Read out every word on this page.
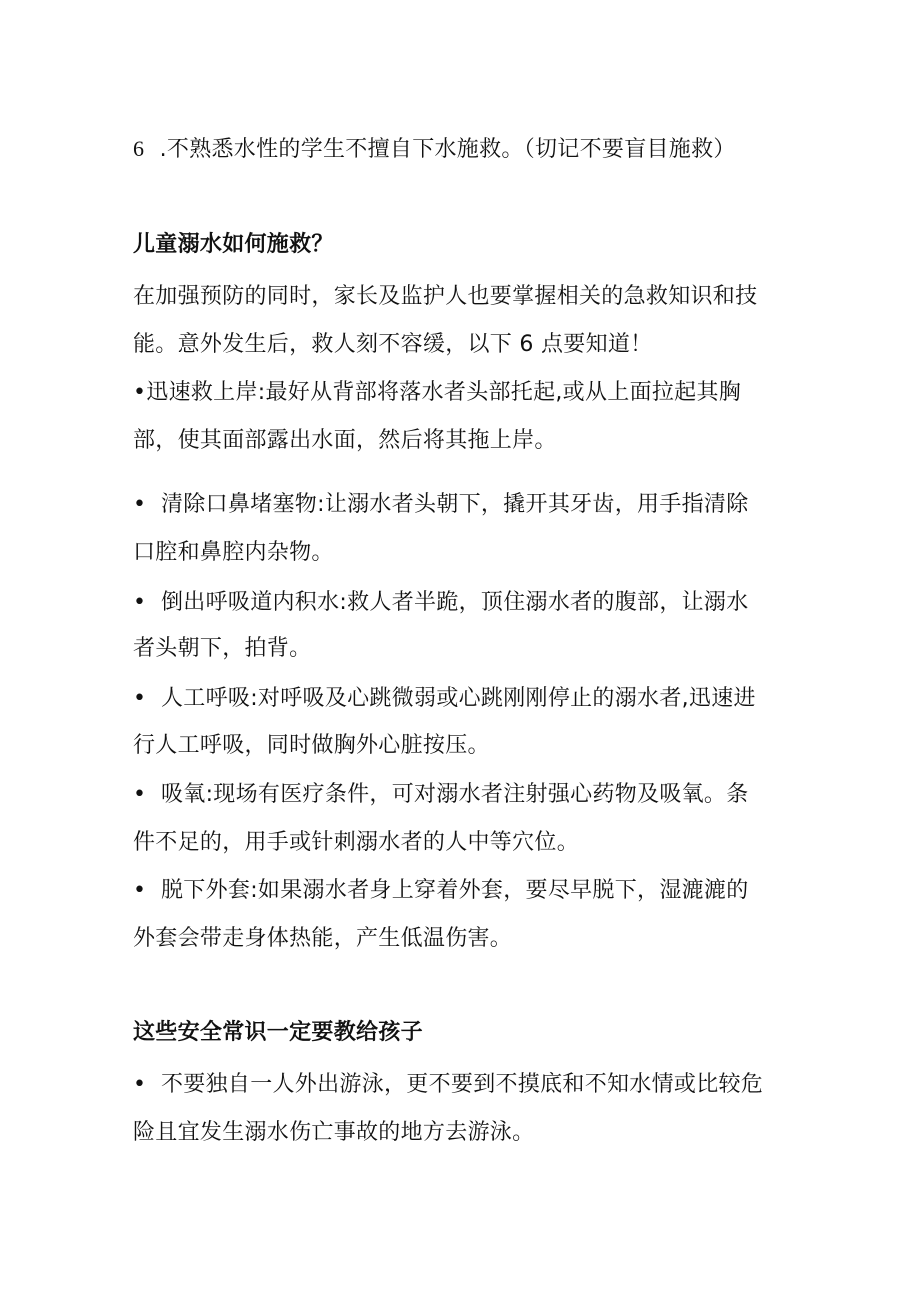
6 .不熟悉水性的学生不擅自下水施救。（切记不要盲目施救）
儿童溺水如何施救？
在加强预防的同时，家长及监护人也要掌握相关的急救知识和技
能。意外发生后，救人刻不容缓，以下 6 点要知道！
•迅速救上岸:最好从背部将落水者头部托起,或从上面拉起其胸
部，使其面部露出水面，然后将其拖上岸。
• 清除口鼻堵塞物:让溺水者头朝下，撬开其牙齿，用手指清除
口腔和鼻腔内杂物。
• 倒出呼吸道内积水:救人者半跪，顶住溺水者的腹部，让溺水
者头朝下，拍背。
• 人工呼吸:对呼吸及心跳微弱或心跳刚刚停止的溺水者,迅速进
行人工呼吸，同时做胸外心脏按压。
• 吸氧:现场有医疗条件，可对溺水者注射强心药物及吸氧。条
件不足的，用手或针刺溺水者的人中等穴位。
• 脱下外套:如果溺水者身上穿着外套，要尽早脱下，湿漉漉的
外套会带走身体热能，产生低温伤害。
这些安全常识一定要教给孩子
• 不要独自一人外出游泳，更不要到不摸底和不知水情或比较危
险且宜发生溺水伤亡事故的地方去游泳。
